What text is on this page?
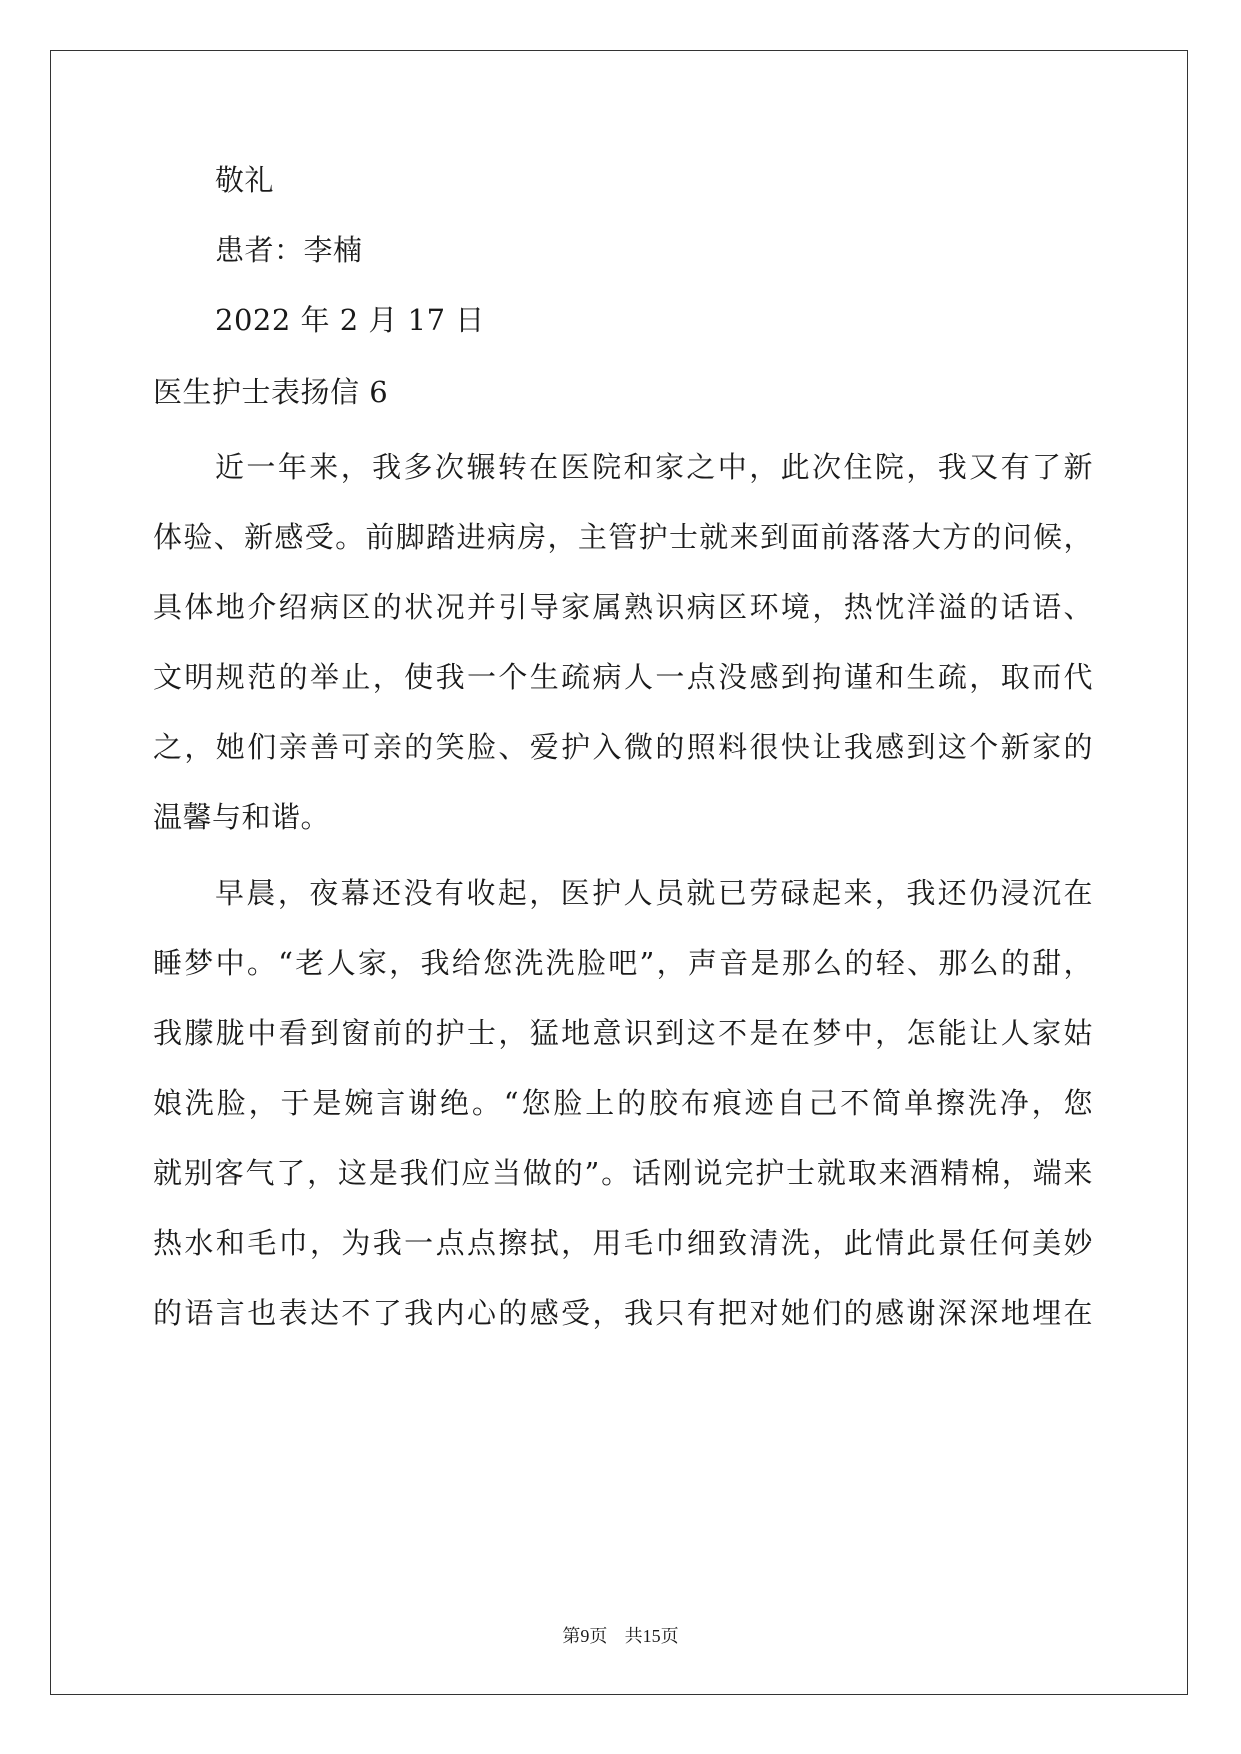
敬礼
患者：李楠
2022 年 2 月 17 日
医生护士表扬信 6
近一年来，我多次辗转在医院和家之中，此次住院，我又有了新
体验、新感受。前脚踏进病房，主管护士就来到面前落落大方的问候，
具体地介绍病区的状况并引导家属熟识病区环境，热忱洋溢的话语、
文明规范的举止，使我一个生疏病人一点没感到拘谨和生疏，取而代
之，她们亲善可亲的笑脸、爱护入微的照料很快让我感到这个新家的
温馨与和谐。
早晨，夜幕还没有收起，医护人员就已劳碌起来，我还仍浸沉在
睡梦中。“老人家，我给您洗洗脸吧”，声音是那么的轻、那么的甜，
我朦胧中看到窗前的护士，猛地意识到这不是在梦中，怎能让人家姑
娘洗脸，于是婉言谢绝。“您脸上的胶布痕迹自己不简单擦洗净，您
就别客气了，这是我们应当做的”。话刚说完护士就取来酒精棉，端来
热水和毛巾，为我一点点擦拭，用毛巾细致清洗，此情此景任何美妙
的语言也表达不了我内心的感受，我只有把对她们的感谢深深地埋在
第9页 共15页
